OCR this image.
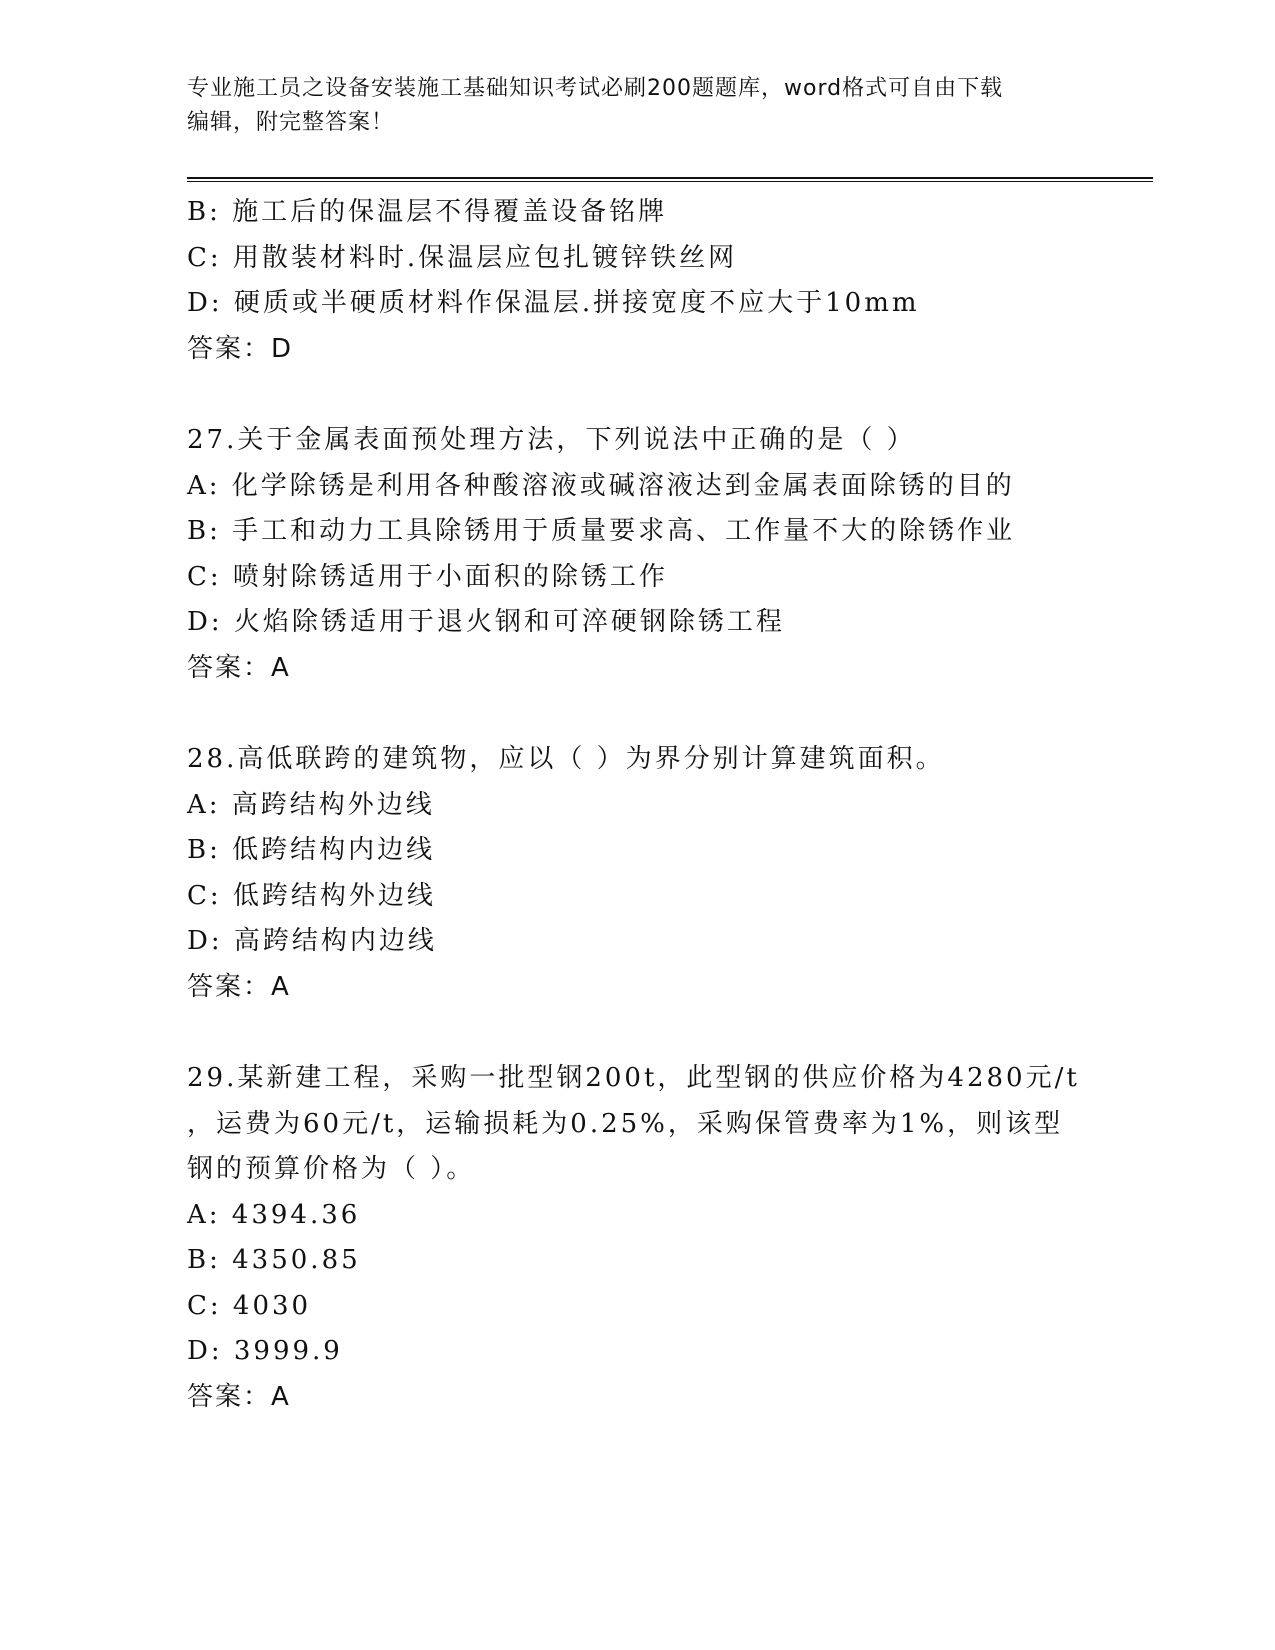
专业施工员之设备安装施工基础知识考试必刷200题题库，word格式可自由下载
编辑，附完整答案！
B: 施工后的保温层不得覆盖设备铭牌
C: 用散装材料时.保温层应包扎镀锌铁丝网
D: 硬质或半硬质材料作保温层.拼接宽度不应大于10mm
答案：D
27.关于金属表面预处理方法，下列说法中正确的是（ ）
A: 化学除锈是利用各种酸溶液或碱溶液达到金属表面除锈的目的
B: 手工和动力工具除锈用于质量要求高、工作量不大的除锈作业
C: 喷射除锈适用于小面积的除锈工作
D: 火焰除锈适用于退火钢和可淬硬钢除锈工程
答案：A
28.高低联跨的建筑物，应以（ ）为界分别计算建筑面积。
A: 高跨结构外边线
B: 低跨结构内边线
C: 低跨结构外边线
D: 高跨结构内边线
答案：A
29.某新建工程，采购一批型钢200t，此型钢的供应价格为4280元/t
，运费为60元/t，运输损耗为0.25%，采购保管费率为1%，则该型
钢的预算价格为（ ）。
A: 4394.36
B: 4350.85
C: 4030
D: 3999.9
答案：A
